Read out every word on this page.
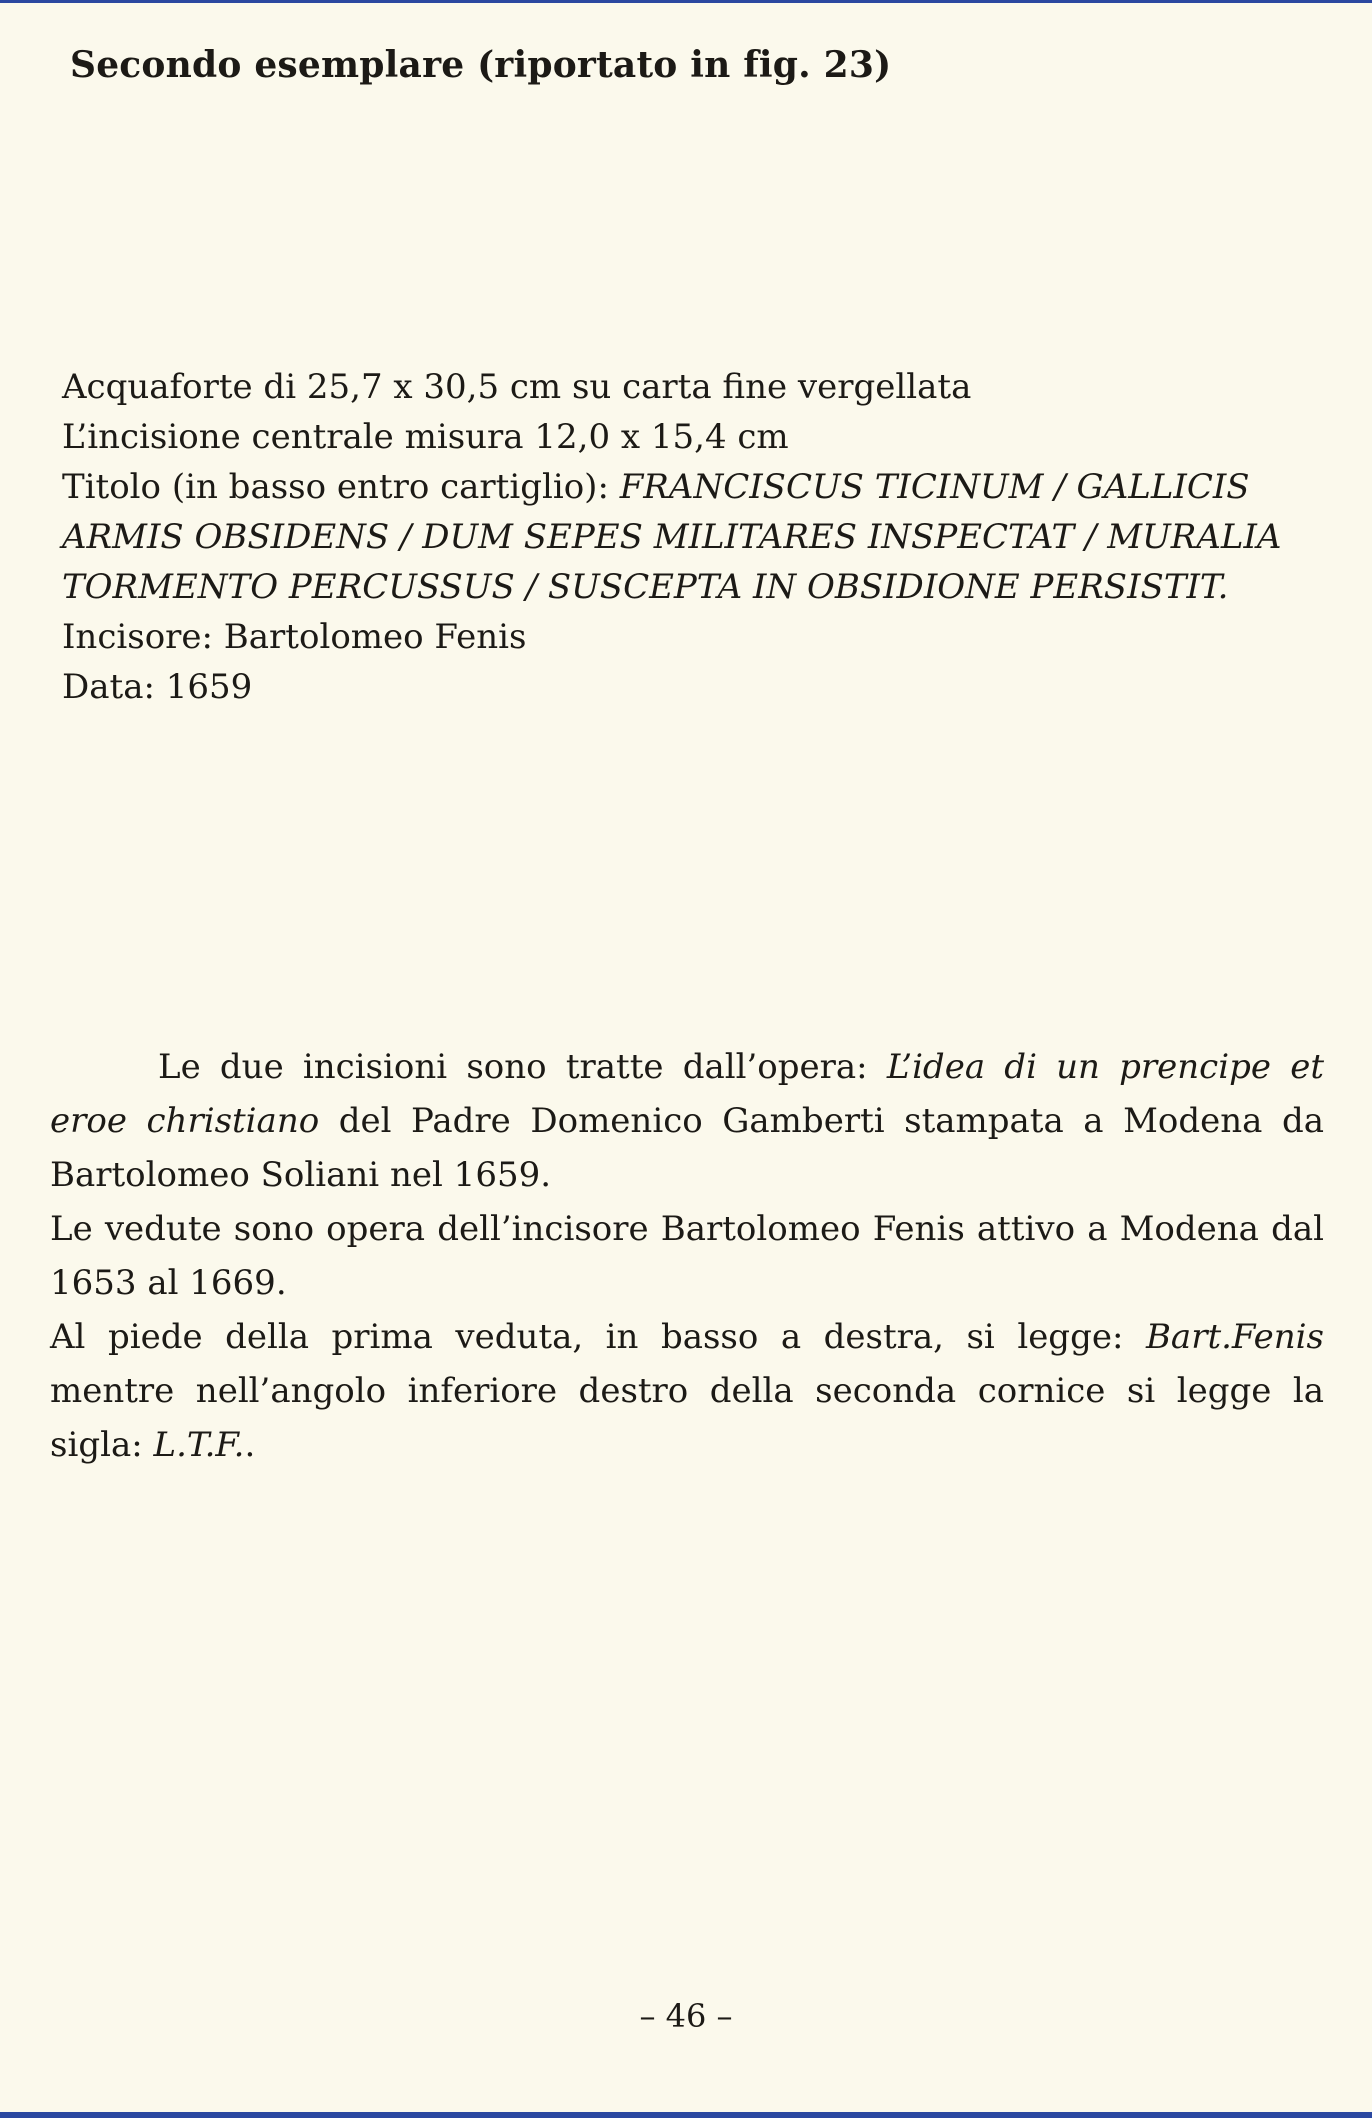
Secondo esemplare (riportato in fig. 23)
Acquaforte di 25,7 x 30,5 cm su carta fine vergellata
L’incisione centrale misura 12,0 x 15,4 cm
Titolo (in basso entro cartiglio): FRANCISCUS TICINUM / GALLICIS ARMIS OBSIDENS / DUM SEPES MILITARES INSPECTAT / MURALIA TORMENTO PERCUSSUS / SUSCEPTA IN OBSIDIONE PERSISTIT.
Incisore: Bartolomeo Fenis
Data: 1659

Le due incisioni sono tratte dall’opera: L’idea di un prencipe et eroe christiano del Padre Domenico Gamberti stampata a Modena da Bartolomeo Soliani nel 1659.

Le vedute sono opera dell’incisore Bartolomeo Fenis attivo a Modena dal 1653 al 1669.

Al piede della prima veduta, in basso a destra, si legge: Bart.Fenis mentre nell’angolo inferiore destro della seconda cornice si legge la sigla: L.T.F..

– 46 –
